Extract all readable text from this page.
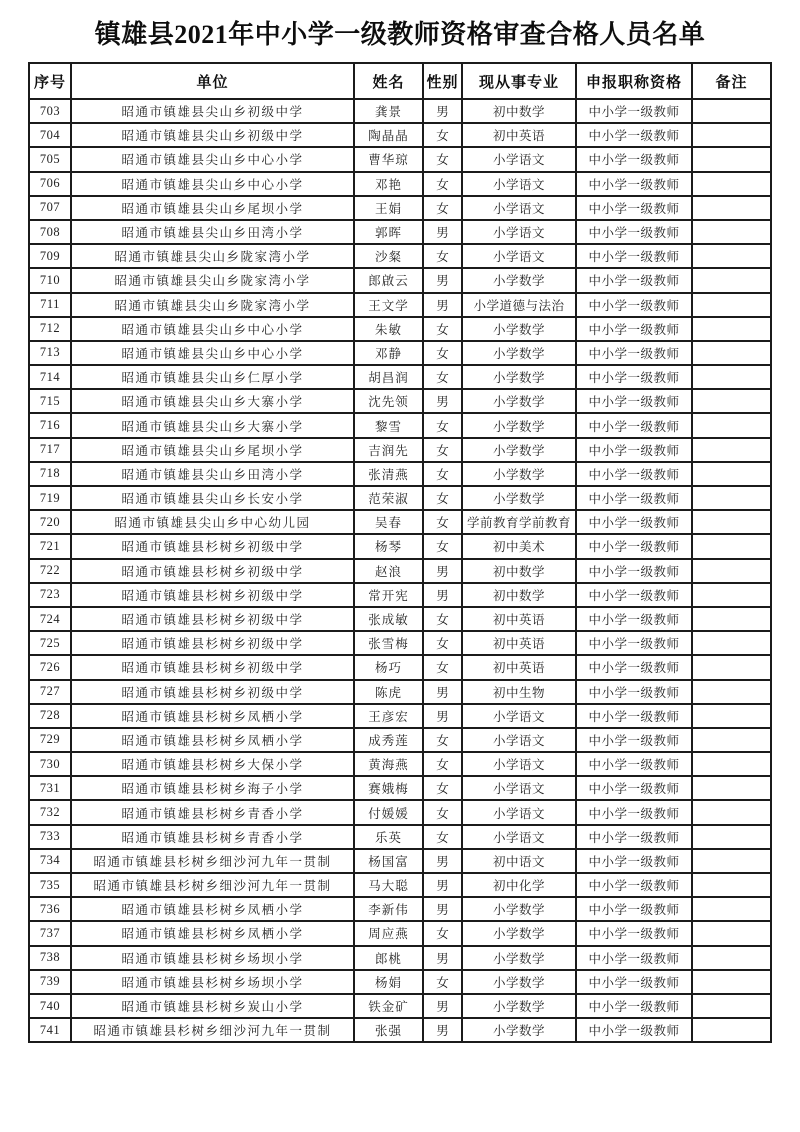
镇雄县2021年中小学一级教师资格审查合格人员名单
序号	单位	姓名	性别	现从事专业	申报职称资格	备注
703	昭通市镇雄县尖山乡初级中学	龚景	男	初中数学	中小学一级教师	
704	昭通市镇雄县尖山乡初级中学	陶晶晶	女	初中英语	中小学一级教师	
705	昭通市镇雄县尖山乡中心小学	曹华琼	女	小学语文	中小学一级教师	
706	昭通市镇雄县尖山乡中心小学	邓艳	女	小学语文	中小学一级教师	
707	昭通市镇雄县尖山乡尾坝小学	王娟	女	小学语文	中小学一级教师	
708	昭通市镇雄县尖山乡田湾小学	郭晖	男	小学语文	中小学一级教师	
709	昭通市镇雄县尖山乡陇家湾小学	沙粲	女	小学语文	中小学一级教师	
710	昭通市镇雄县尖山乡陇家湾小学	郎啟云	男	小学数学	中小学一级教师	
711	昭通市镇雄县尖山乡陇家湾小学	王文学	男	小学道德与法治	中小学一级教师	
712	昭通市镇雄县尖山乡中心小学	朱敏	女	小学数学	中小学一级教师	
713	昭通市镇雄县尖山乡中心小学	邓静	女	小学数学	中小学一级教师	
714	昭通市镇雄县尖山乡仁厚小学	胡昌润	女	小学数学	中小学一级教师	
715	昭通市镇雄县尖山乡大寨小学	沈先领	男	小学数学	中小学一级教师	
716	昭通市镇雄县尖山乡大寨小学	黎雪	女	小学数学	中小学一级教师	
717	昭通市镇雄县尖山乡尾坝小学	吉润先	女	小学数学	中小学一级教师	
718	昭通市镇雄县尖山乡田湾小学	张清燕	女	小学数学	中小学一级教师	
719	昭通市镇雄县尖山乡长安小学	范荣淑	女	小学数学	中小学一级教师	
720	昭通市镇雄县尖山乡中心幼儿园	吴春	女	学前教育学前教育	中小学一级教师	
721	昭通市镇雄县杉树乡初级中学	杨琴	女	初中美术	中小学一级教师	
722	昭通市镇雄县杉树乡初级中学	赵浪	男	初中数学	中小学一级教师	
723	昭通市镇雄县杉树乡初级中学	常开宪	男	初中数学	中小学一级教师	
724	昭通市镇雄县杉树乡初级中学	张成敏	女	初中英语	中小学一级教师	
725	昭通市镇雄县杉树乡初级中学	张雪梅	女	初中英语	中小学一级教师	
726	昭通市镇雄县杉树乡初级中学	杨巧	女	初中英语	中小学一级教师	
727	昭通市镇雄县杉树乡初级中学	陈虎	男	初中生物	中小学一级教师	
728	昭通市镇雄县杉树乡凤栖小学	王彦宏	男	小学语文	中小学一级教师	
729	昭通市镇雄县杉树乡凤栖小学	成秀莲	女	小学语文	中小学一级教师	
730	昭通市镇雄县杉树乡大保小学	黄海燕	女	小学语文	中小学一级教师	
731	昭通市镇雄县杉树乡海子小学	赛娥梅	女	小学语文	中小学一级教师	
732	昭通市镇雄县杉树乡青香小学	付媛媛	女	小学语文	中小学一级教师	
733	昭通市镇雄县杉树乡青香小学	乐英	女	小学语文	中小学一级教师	
734	昭通市镇雄县杉树乡细沙河九年一贯制	杨国富	男	初中语文	中小学一级教师	
735	昭通市镇雄县杉树乡细沙河九年一贯制	马大聪	男	初中化学	中小学一级教师	
736	昭通市镇雄县杉树乡凤栖小学	李新伟	男	小学数学	中小学一级教师	
737	昭通市镇雄县杉树乡凤栖小学	周应燕	女	小学数学	中小学一级教师	
738	昭通市镇雄县杉树乡场坝小学	郎桃	男	小学数学	中小学一级教师	
739	昭通市镇雄县杉树乡场坝小学	杨娟	女	小学数学	中小学一级教师	
740	昭通市镇雄县杉树乡炭山小学	铁金矿	男	小学数学	中小学一级教师	
741	昭通市镇雄县杉树乡细沙河九年一贯制	张强	男	小学数学	中小学一级教师	
